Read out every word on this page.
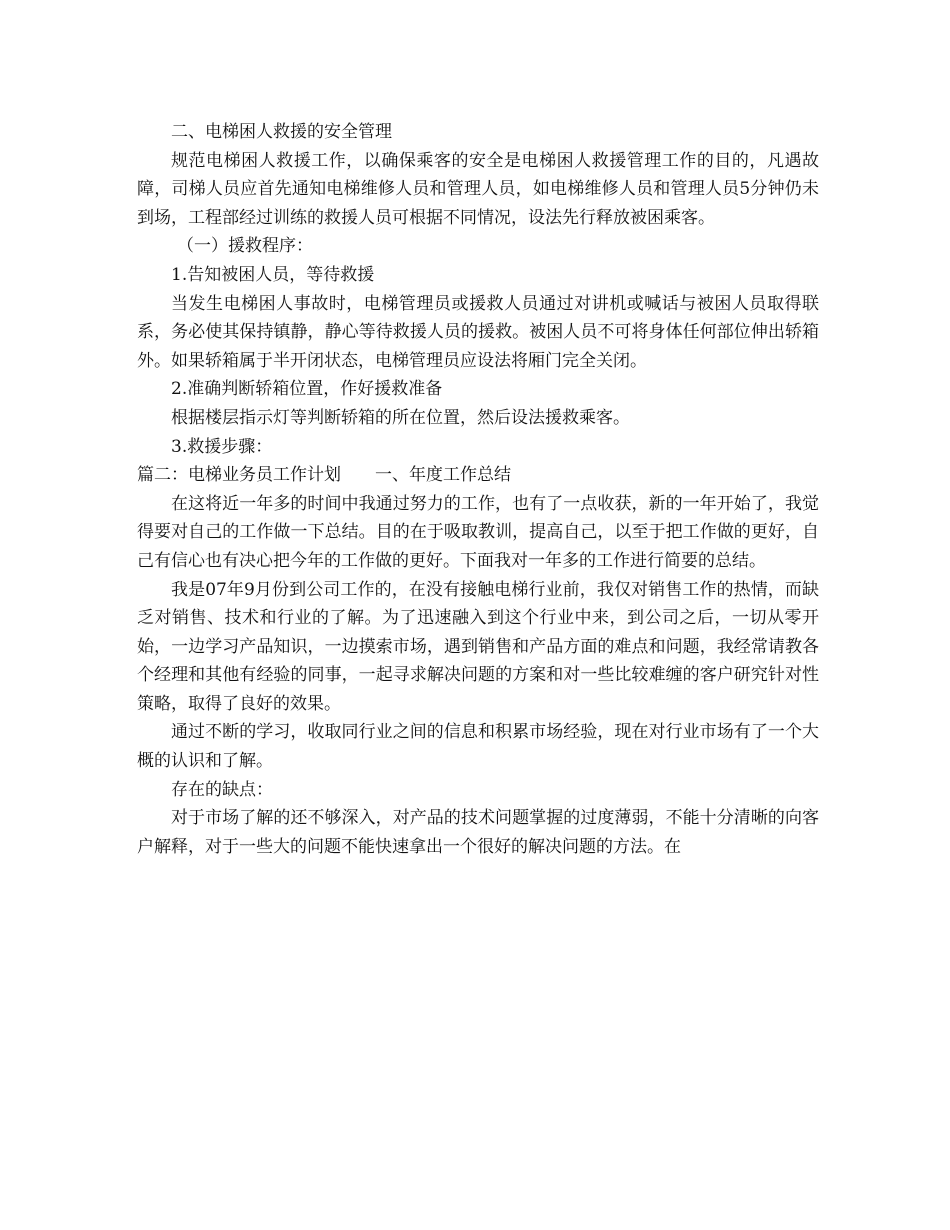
二、电梯困人救援的安全管理

规范电梯困人救援工作，以确保乘客的安全是电梯困人救援管理工作的目的，凡遇故障，司梯人员应首先通知电梯维修人员和管理人员，如电梯维修人员和管理人员5分钟仍未到场，工程部经过训练的救援人员可根据不同情况，设法先行释放被困乘客。

（一）援救程序：

1.告知被困人员，等待救援

当发生电梯困人事故时，电梯管理员或援救人员通过对讲机或喊话与被困人员取得联系，务必使其保持镇静，静心等待救援人员的援救。被困人员不可将身体任何部位伸出轿箱外。如果轿箱属于半开闭状态，电梯管理员应设法将厢门完全关闭。

2.准确判断轿箱位置，作好援救准备

根据楼层指示灯等判断轿箱的所在位置，然后设法援救乘客。

3.救援步骤：

篇二：电梯业务员工作计划　　一、年度工作总结

在这将近一年多的时间中我通过努力的工作，也有了一点收获，新的一年开始了，我觉得要对自己的工作做一下总结。目的在于吸取教训，提高自己，以至于把工作做的更好，自己有信心也有决心把今年的工作做的更好。下面我对一年多的工作进行简要的总结。

我是07年9月份到公司工作的，在没有接触电梯行业前，我仅对销售工作的热情，而缺乏对销售、技术和行业的了解。为了迅速融入到这个行业中来，到公司之后，一切从零开始，一边学习产品知识，一边摸索市场，遇到销售和产品方面的难点和问题，我经常请教各个经理和其他有经验的同事，一起寻求解决问题的方案和对一些比较难缠的客户研究针对性策略，取得了良好的效果。

通过不断的学习，收取同行业之间的信息和积累市场经验，现在对行业市场有了一个大概的认识和了解。

存在的缺点：

对于市场了解的还不够深入，对产品的技术问题掌握的过度薄弱，不能十分清晰的向客户解释，对于一些大的问题不能快速拿出一个很好的解决问题的方法。在
